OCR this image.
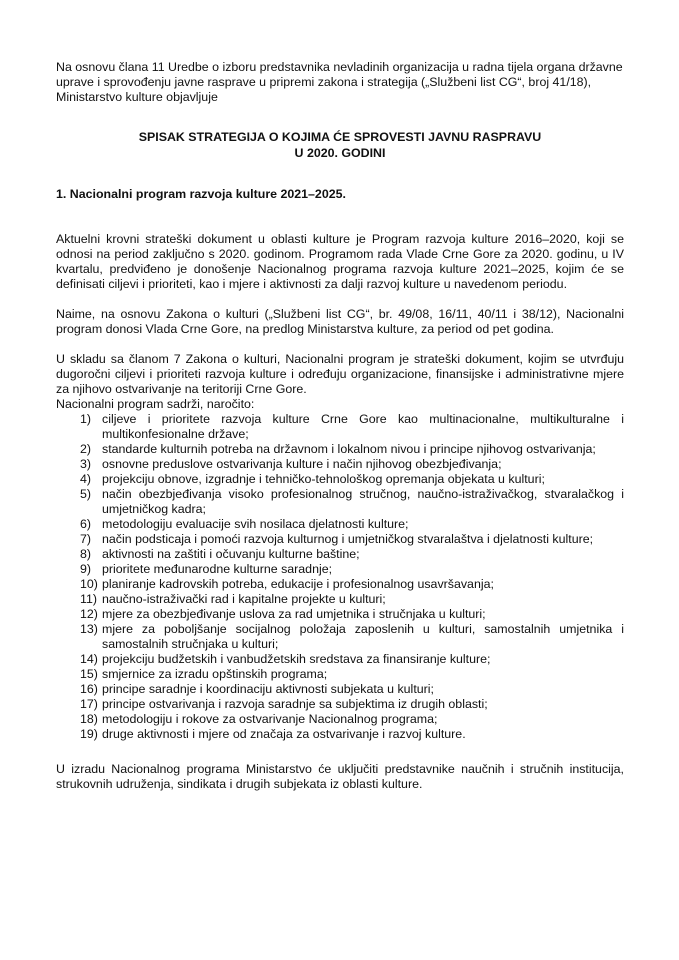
Na osnovu člana 11 Uredbe o izboru predstavnika nevladinih organizacija u radna tijela organa državne uprave i sprovođenju javne rasprave u pripremi zakona i strategija („Službeni list CG“, broj 41/18), Ministarstvo kulture objavljuje

SPISAK STRATEGIJA O KOJIMA ĆE SPROVESTI JAVNU RASPRAVU
U 2020. GODINI
1. Nacionalni program razvoja kulture 2021–2025.

Aktuelni krovni strateški dokument u oblasti kulture je Program razvoja kulture 2016–2020, koji se odnosi na period zaključno s 2020. godinom. Programom rada Vlade Crne Gore za 2020. godinu, u IV kvartalu, predviđeno je donošenje Nacionalnog programa razvoja kulture 2021–2025, kojim će se definisati ciljevi i prioriteti, kao i mjere i aktivnosti za dalji razvoj kulture u navedenom periodu.

Naime, na osnovu Zakona o kulturi („Službeni list CG“, br. 49/08, 16/11, 40/11 i 38/12), Nacionalni program donosi Vlada Crne Gore, na predlog Ministarstva kulture, za period od pet godina.

U skladu sa članom 7 Zakona o kulturi, Nacionalni program je strateški dokument, kojim se utvrđuju dugoročni ciljevi i prioriteti razvoja kulture i određuju organizacione, finansijske i administrativne mjere za njihovo ostvarivanje na teritoriji Crne Gore.

Nacionalni program sadrži, naročito:

1) ciljeve i prioritete razvoja kulture Crne Gore kao multinacionalne, multikulturalne i multikonfesionalne države;
2) standarde kulturnih potreba na državnom i lokalnom nivou i principe njihovog ostvarivanja;
3) osnovne preduslove ostvarivanja kulture i način njihovog obezbjeđivanja;
4) projekciju obnove, izgradnje i tehničko-tehnološkog opremanja objekata u kulturi;
5) način obezbjeđivanja visoko profesionalnog stručnog, naučno-istraživačkog, stvaralačkog i umjetničkog kadra;
6) metodologiju evaluacije svih nosilaca djelatnosti kulture;
7) način podsticaja i pomoći razvoja kulturnog i umjetničkog stvaralaštva i djelatnosti kulture;
8) aktivnosti na zaštiti i očuvanju kulturne baštine;
9) prioritete međunarodne kulturne saradnje;
10) planiranje kadrovskih potreba, edukacije i profesionalnog usavršavanja;
11) naučno-istraživački rad i kapitalne projekte u kulturi;
12) mjere za obezbjeđivanje uslova za rad umjetnika i stručnjaka u kulturi;
13) mjere za poboljšanje socijalnog položaja zaposlenih u kulturi, samostalnih umjetnika i samostalnih stručnjaka u kulturi;
14) projekciju budžetskih i vanbudžetskih sredstava za finansiranje kulture;
15) smjernice za izradu opštinskih programa;
16) principe saradnje i koordinaciju aktivnosti subjekata u kulturi;
17) principe ostvarivanja i razvoja saradnje sa subjektima iz drugih oblasti;
18) metodologiju i rokove za ostvarivanje Nacionalnog programa;
19) druge aktivnosti i mjere od značaja za ostvarivanje i razvoj kulture.

U izradu Nacionalnog programa Ministarstvo će uključiti predstavnike naučnih i stručnih institucija, strukovnih udruženja, sindikata i drugih subjekata iz oblasti kulture.
